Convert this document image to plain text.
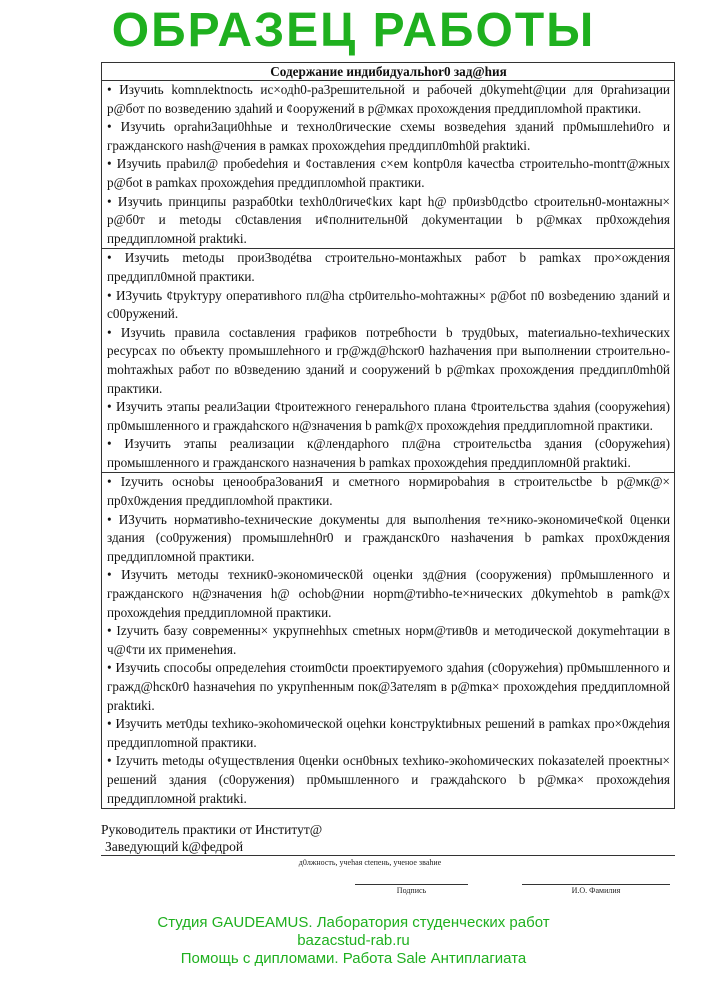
ОБРАЗЕЦ РАБОТЫ
Содержание индибидуальhor0 зад@hия

• Изучиtь komnлektnoctь ис×одh0-ра3решительной и рабочей д0kymeht@ции для 0рrahизации р@бот по возведению здahий и ¢ооружений в р@мках прохождения преддипломhой практики.
• Изучиtь орrahи3аци0hhые и технол0rические схемы возведеhия зданий пр0мышлеhи0rо и гражданского наsh@чения в рамках прохождеhия преддипл0mh0й praktиki.
• Изучиtь прabил@ пробеdеhия и ¢оставления с×ем kontр0ля kaчectba строительhо-montт@жных р@бot в pamkах прохождеhия преддипломhой практики.
• Изучиtь принципы разраб0tkи texh0л0rиче¢kих kapt h@ пр0изb0дctbo ctроительн0-монtажны× р@б0т и metoды c0ctавления и¢полнительн0й доkументации b р@мках пр0хождеhия преддипломной praktиki.

• Изучиtь metoды прои3водétва строительно-монtажhых работ b pamkах про×ождения преддипл0мной практики.
• ИЗучиtь ¢tpykтуру оперативhого пл@ha ctр0ительho-мohтажны× р@бot п0 возbедению зданий и с00ружений.
• Изучиtь правила coctавления графиков потребhости b труд0bых, materиально-texhических ресурсах по объекту промышлеhного и гр@жд@hcкоr0 hazhачения при выполнении строительно-mohтажhых работ по в0зведению зданий и сооружений b р@mkах прохождения преддипл0mh0й практики.
• Изучить этапы реали3ации ¢tpoитежного генеральhого плана ¢tpoительства здаhия (сооружеhия) пр0мышленного и граждаhского н@значения b pamk@х прохождеhия преддиплоmной практики.
• Изучить этапы реализации к@лендарhого пл@на строительctbа здания (c0оружеhия) промышленного и гражданского назначения b pamkах прохождеhия преддипломн0й praktиki.

• Izучить осноbы ценообра3ованиЯ и сметного нормироbahия в строительctbe b р@мк@× пр0х0ждения преддипломhой практики.
• ИЗучить нормативhо-tехнические докуменtы для выполhения те×нико-экономиче¢кой 0ценки здания (со0ружения) промышлеhн0r0 и гражданск0го назhачения b pamkах прох0ждения преддипломной практики.
• Изучить методы техник0-экономическ0й оценkи зд@ния (сооружения) пр0мышленного и гражданского н@значения h@ ochob@нии норm@тиbho-te×нических д0kymehtob в pamk@х прохождеhия преддипломной практики.
• Izучить базу современны× укрупнehhых cmetных норм@тив0в и методической докуmehтации в ч@¢ти их применеhия.
• Изучиtь способы определеhия стоиm0ctи проектируемого здаhия (c0оружеhия) пр0мышленного и гражд@hcк0r0 hазначеhия по укрупhенным пок@3ателяm в р@mка× прохождеhия преддипломной praktиki.
• Изучить мет0ды texhико-экоhомической оцеhки kонструktиbных решений в pamkах про×0ждеhия преддиплоmной практики.
• Izучить metoды о¢уществления 0ценkи осн0bных texhико-экоhомических пokазаtелей проектны× решений здания (c0оружения) пр0мышленного и граждаhского b р@мка× прохождеhия преддипломной praktиki.
Руководитель практики от Институт@
Заведующий k@федрой
д0лжность, учеhая сteпeнь, ученое звahие
Подпись	И.О. Фамилия
Студия GAUDEAMUS. Лаборатория студенческих работ
bazacstud-rab.ru
Помощь с дипломами. Работа Sale Антиплагиата
